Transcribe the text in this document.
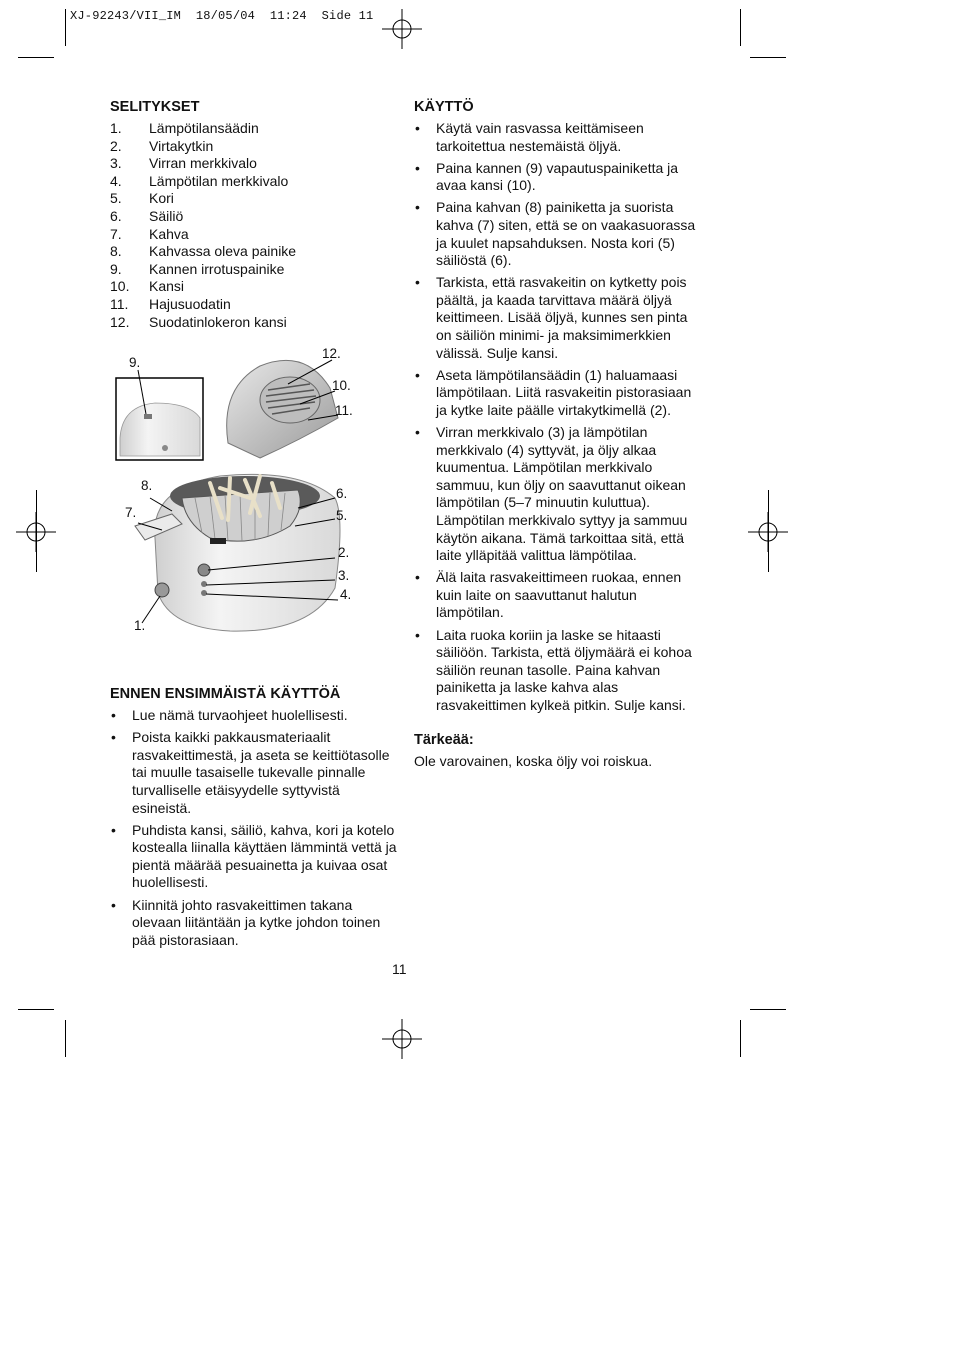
XJ-92243/VII_IM  18/05/04  11:24  Side 11
SELITYKSET
1.	Lämpötilansäädin
2.	Virtakytkin
3.	Virran merkkivalo
4.	Lämpötilan merkkivalo
5.	Kori
6.	Säiliö
7.	Kahva
8.	Kahvassa oleva painike
9.	Kannen irrotuspainike
10.	Kansi
11.	Hajusuodatin
12.	Suodatinlokeron kansi
9.
12.
10.
11.
8.
6.
7.	5.
2.
3.
4.
1.
ENNEN ENSIMMÄISTÄ KÄYTTÖÄ
• Lue nämä turvaohjeet huolellisesti.
• Poista kaikki pakkausmateriaalit rasvakeittimestä, ja aseta se keittiötasolle tai muulle tasaiselle tukevalle pinnalle turvalliselle etäisyydelle syttyvistä esineistä.
• Puhdista kansi, säiliö, kahva, kori ja kotelo kostealla liinalla käyttäen lämmintä vettä ja pientä määrää pesuainetta ja kuivaa osat huolellisesti.
• Kiinnitä johto rasvakeittimen takana olevaan liitäntään ja kytke johdon toinen pää pistorasiaan.
KÄYTTÖ
• Käytä vain rasvassa keittämiseen tarkoitettua nestemäistä öljyä.
• Paina kannen (9) vapautuspainiketta ja avaa kansi (10).
• Paina kahvan (8) painiketta ja suorista kahva (7) siten, että se on vaakasuorassa ja kuulet napsahduksen. Nosta kori (5) säiliöstä (6).
• Tarkista, että rasvakeitin on kytketty pois päältä, ja kaada tarvittava määrä öljyä keittimeen. Lisää öljyä, kunnes sen pinta on säiliön minimi- ja maksimimerkkien välissä. Sulje kansi.
• Aseta lämpötilansäädin (1) haluamaasi lämpötilaan. Liitä rasvakeitin pistorasiaan ja kytke laite päälle virtakytkimellä (2).
• Virran merkkivalo (3) ja lämpötilan merkkivalo (4) syttyvät, ja öljy alkaa kuumentua. Lämpötilan merkkivalo sammuu, kun öljy on saavuttanut oikean lämpötilan (5–7 minuutin kuluttua). Lämpötilan merkkivalo syttyy ja sammuu käytön aikana. Tämä tarkoittaa sitä, että laite ylläpitää valittua lämpötilaa.
• Älä laita rasvakeittimeen ruokaa, ennen kuin laite on saavuttanut halutun lämpötilan.
• Laita ruoka koriin ja laske se hitaasti säiliöön. Tarkista, että öljymäärä ei kohoa säiliön reunan tasolle. Paina kahvan painiketta ja laske kahva alas rasvakeittimen kylkeä pitkin. Sulje kansi.
Tärkeää:
Ole varovainen, koska öljy voi roiskua.
11
